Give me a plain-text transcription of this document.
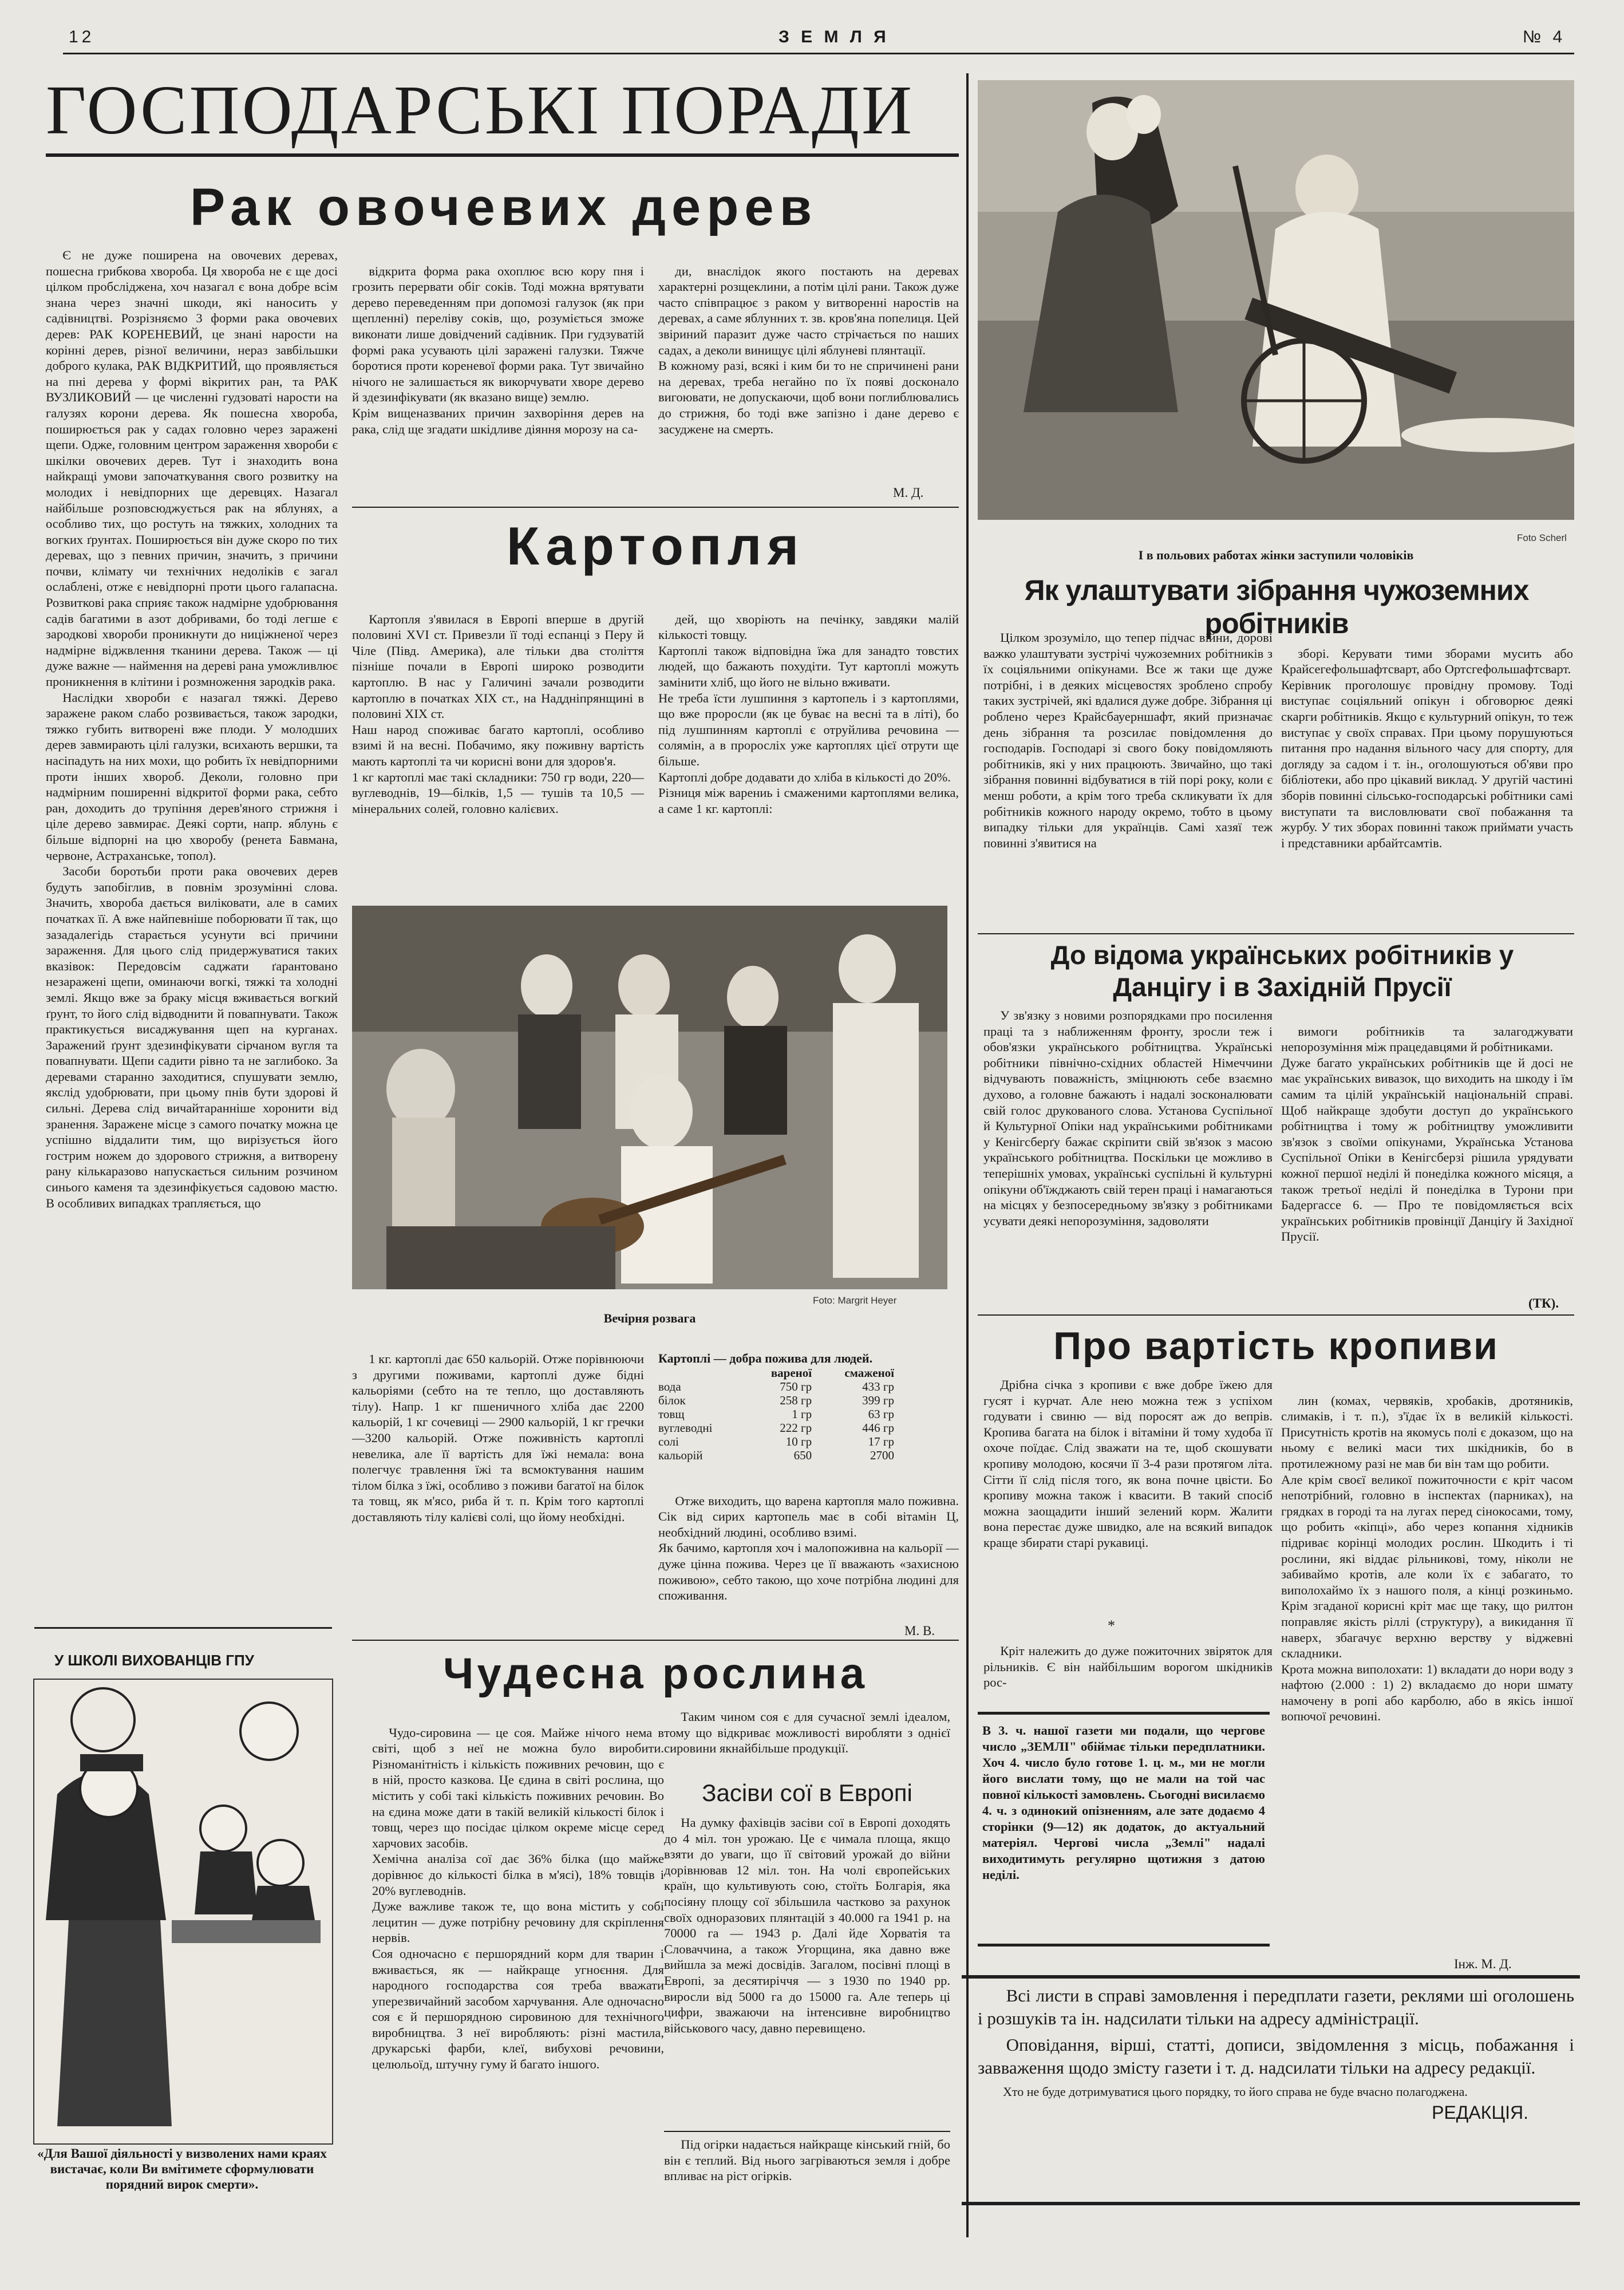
12	З Е М Л Я	№ 4
ГОСПОДАРСЬКІ ПОРАДИ
Рак овочевих дерев

Є не дуже поширена на овочевих деревах, пошесна грибкова хвороба. Ця хвороба не є ще досі цілком пробслiджена, хоч назагал є вона добре всім знана через значні шкоди, які наносить у садівництві. Розрізняємо 3 форми рака овочевих дерев: РАК КОРЕНЕВИЙ, це знані нарости на корінні дерев, різної величини, нераз завбільшки доброго кулака, РАК ВІДКРИТИЙ, що проявляється на пні дерева у формі вікритих ран, та РАК ВУЗЛИКОВИЙ — це численні гудзоваті нарости на галузях корони дерева. Як пошесна хвороба, поширюється рак у садах головно через заражені щепи. Одже, головним центром зараження хвороби є шкілки овочевих дерев. Тут і знаходить вона найкращі умови започаткування свого розвитку на молодих і невідпорних ще деревцях. Назагал найбільше розповсюджується рак на яблунях, а особливо тих, що ростуть на тяжких, холодних та вогких ґрунтах. Поширюється він дуже скоро по тих деревах, що з певних причин, значить, з причини почви, клімату чи технічних недоліків є загал ослаблені, отже є невідпорні проти цього галапасна. Розвиткові рака сприяє також надмірне удобрювання садів багатими в азот добривами, бо тоді легше є зародкові хвороби проникнути до ниціжненої через надмірне віджвлення тканини дерева. Також — ці дуже важне — наймення на дереві рана уможливлює проникнення в клітини і розмноження зародків рака.

Наслідки хвороби є назагал тяжкі. Дерево заражене раком слабо розвивається, також зародки, тяжко губить витворені вже плоди. У молодших дерев завмирають цілі галузки, всихають вершки, та насіпадуть на них мохи, що робить їх невідпорними проти інших хвороб. Деколи, головно при надмірним поширенні відкритої форми рака, себто ран, доходить до трупіння дерев'яного стрижня і ціле дерево завмирає. Деякі сорти, напр. яблунь є більше відпорні на цю хворобу (ренета Бавмана, червоне, Астраханське, топол).

Засоби боротьби проти рака овочевих дерев будуть запобіглив, в повнім зрозумінні слова. Значить, хвороба дається виліковати, але в самих початках її. А вже найпевніше поборювати її так, що зазадалегідь старається усунути всі причини зараження. Для цього слід придержуватися таких вказівок: Передовсім саджати ґарантовано незаражені щепи, оминаючи вогкі, тяжкі та холодні землі. Якщо вже за браку місця вживається вогкий ґрунт, то його слід відводнити й повапнувати. Також практикується висаджування щеп на курганах. Заражений ґрунт здезинфікувати сірчаном вугля та повапнувати. Щепи садити рівно та не заглибоко. За деревами старанно заходитися, спушувати землю, якслід удобрювати, при цьому пнів бути здорові й сильні. Дерева слід вичайтаранніше хоронити від зранення. Заражене місце з самого початку можна це успішно віддалити тим, що вирізується його гострим ножем до здорового стрижня, а витворену рану кількаразово напускається сильним розчином синього каменя та здезинфікується садовою мастю. В особливих випадках трапляється, що

відкрита форма рака охоплює всю кору пня і грозить перервати обіг соків. Тоді можна врятувати дерево переведенням при допомозі галузок (як при щепленні) переліву соків, що, розуміється зможе виконати лише довідчений садівник. При гудзуватій формі рака усувають цілі заражені галузки. Тяжче боротися проти кореневої форми рака. Тут звичайно нічого не залишається як викорчувати хворе дерево й здезинфікувати (як вказано вище) землю.
Крім вищеназваних причин захворіння дерев на рака, слід ще згадати шкідливе діяння морозу на са-

ди, внаслідок якого постають на деревах характерні розщеклини, а потім цілі рани. Також дуже часто співпрацює з раком у витворенні наростів на деревах, а саме яблунних т. зв. кров'яна попелиця. Цей звіриний паразит дуже часто стрічається по наших садах, а деколи винищує цілі яблуневі плянтації.
В кожному разі, всякі і ким би то не спричинені рани на деревах, треба негайно по їх появі досконало вигоювати, не допускаючи, щоб вони поглиблювались до стрижня, бо тоді вже запізно і дане дерево є засуджене на смерть.

М. Д.
Картопля

Картопля з'явилася в Европі вперше в другій половині XVI ст. Привезли її тоді еспанці з Перу й Чіле (Півд. Америка), але тільки два століття пізніше почали в Европі широко розводити картоплю. В нас у Галичині зачали розводити картоплю в початках XIX ст., на Наддніпрянщині в половині XIX ст.
Наш народ споживає багато картоплі, особливо взимі й на весні. Побачимо, яку поживну вартість мають картоплі та чи корисні вони для здоров'я.
1 кг картоплі має такі складники: 750 гр води, 220—вуглеводнів, 19—білків, 1,5 — тушів та 10,5 — мінеральних солей, головно калієвих.

дей, що хворіють на печінку, завдяки малій кількості товщу.
Картоплі також відповідна їжа для занадто товстих людей, що бажають похудіти. Тут картоплі можуть замінити хліб, що його не вільно вживати.
Не треба їсти лушпиння з картопель і з картоплями, що вже проросли (як це буває на весні та в літі), бо під лушпинням картоплі є отруйлива речовина — солямін, а в проросліх уже картоплях цієї отрути ще більше.
Картоплі добре додавати до хліба в кількості до 20%.
Різниця між варениь і смаженими картоплями велика, а саме 1 кг. картоплі:

Foto: Margrit Heyer
Вечірня розвага

1 кг. картоплі дає 650 кальорій. Отже порівнюючи з другими поживами, картоплі дуже бідні кальоріями (себто на те тепло, що доставляють тілу). Напр. 1 кг пшеничного хліба дає 2200 кальорій, 1 кг сочевиці — 2900 кальорій, 1 кг гречки—3200 кальорій. Отже поживність картоплі невелика, але її вартість для їжі немала: вона полегчує травлення їжі та всмоктування нашим тілом білка з їжі, особливо з поживи багатої на білок та товщ, як м'ясо, риба й т. п. Крім того картоплі доставляють тілу калієві солі, що йому необхідні.

Картоплі — добра пожива для людей.
	вареної	смаженої
вода	750 гр	433 гр
білок	258 гр	399 гр
товщ	1 гр	63 гр
вуглеводні	222 гр	446 гр
солі	10 гр	17 гр
кальорій	650	2700

Отже виходить, що варена картопля мало поживна. Сік від сирих картопель має в собі вітамін Ц, необхідний людині, особливо взимі.
Як бачимо, картопля хоч і малопоживна на кальорії — дуже цінна пожива. Через це її вважають «захисною поживою», себто такою, що хоче потрібна людині для споживання.

М. В.
У ШКОЛІ ВИХОВАНЦІВ ГПУ
«Для Вашої діяльності у визволених нами краях вистачає, коли Ви вмітимете сформулювати порядний вирок смерти».
Чудесна рослина

Чудо-сировина — це соя. Майже нічого нема в світі, щоб з неї не можна було виробити. Різноманітність і кількість поживних речовин, що є в ній, просто казкова. Це єдина в світі рослина, що містить у собі такі кількість поживних речовин. Во на єдина може дати в такій великій кількості білок і товщ, через що посідає цілком окреме місце серед харчових засобів.
Хемічна аналіза сої дає 36% білка (що майже дорівнює до кількості білка в м'ясі), 18% товщів і 20% вуглеводнів.
Дуже важливе також те, що вона містить у собі лецитин — дуже потрібну речовину для скріплення нервів.
Соя одночасно є першорядний корм для тварин і вживається, як — найкраще угноєння. Для народного господарства соя треба вважати уперезвичайний засобом харчування. Але одночасно соя є й першорядною сировиною для технічного виробництва. З неї виробляють: різні мастила, друкарські фарби, клеї, вибухові речовини, целюльоїд, штучну гуму й багато іншого.

Таким чином соя є для сучасної землі ідеалом, тому що відкриває можливості виробляти з однієї сировини якнайбільше продукції.

Засіви сої в Европі

На думку фахівців засіви сої в Европі доходять до 4 міл. тон урожаю. Це є чимала площа, якщо взяти до уваги, що її світовий урожай до війни дорівнював 12 міл. тон. На чолі європейських країн, що культивують сою, стоїть Болгарія, яка посіяну площу сої збільшила частково за рахунок своїх одноразових плянтацій з 40.000 га 1941 р. на 70000 га — 1943 р. Далі йде Хорватія та Словаччина, а також Угорщина, яка давно вже вийшла за межі досвідів. Загалом, посівні площі в Европі, за десятиріччя — з 1930 по 1940 рр. виросли від 5000 га до 15000 га. Але теперь ці цифри, зважаючи на інтенсивне виробництво військового часу, давно перевищено.

Під огірки надається найкраще кінський гній, бо він є теплий. Від нього загріваються земля і добре впливає на ріст огірків.

Foto Scherl
І в польових работах жінки заступили чоловіків
Як улаштувати зібрання чужоземних робітників

Цілком зрозуміло, що тепер підчас війни, дорові важко улаштувати зустрічі чужоземних робітників з їх соціяльними опікунами. Все ж таки ще дуже потрібні, і в деяких місцевостях зроблено спробу таких зустрічей, які вдалися дуже добре. Зібрання ці роблено через Крайсбауерншафт, який призначає день зібрання та розсилає повідомлення до господарів. Господарі зі свого боку повідомляють робітників, які у них працюють. Звичайно, що такі зібрання повинні відбуватися в тій порі року, коли є менш роботи, а крім того треба скликувати їх для робітників кожного народу окремо, тобто в цьому випадку тільки для українців. Самі хазяї теж повинні з'явитися на

зборі. Керувати тими зборами мусить або Крайсегефольшафтсварт, або Ортсгефольшафтсварт.
Керівник проголошує провідну промову. Тоді виступає соціяльний опікун і обговорює деякі скарги робітників. Якщо є культурний опікун, то теж виступає у своїх справах. При цьому порушуються питання про надання вільного часу для спорту, для догляду за садом і т. ін., оголошуються об'яви про бібліотеки, або про цікавий виклад. У другій частині зборів повинні сільсько-господарські робітники самі виступати та висловлювати свої побажання та журбу. У тих зборах повинні також приймати участь і представники арбайтсамтів.

До відома українських робітників у Данцігу і в Західній Прусії

У зв'язку з новими розпорядками про посилення праці та з наближенням фронту, зросли теж і обов'язки українського робітництва. Українські робітники північно-східних областей Німеччини відчувають поважність, зміцнюють себе взаємно духово, а головне бажають і надалі зосконалювати свій голос друкованого слова. Установа Суспільної й Культурної Опіки над українськими робітниками у Кенігсберґу бажає скріпити свій зв'язок з масою українського робітництва. Поскільки це можливо в теперішніх умовах, українські суспільні й культурні опікуни об'їжджають свій терен праці і намагаються на місцях у безпосередньому зв'язку з робітниками усувати деякі непорозуміння, задоволяти

вимоги робітників та залагоджувати непорозуміння між працедавцями й робітниками.
Дуже багато українських робітників ще й досі не має українських вивазок, що виходить на шкоду і їм самим та цілій українській національній справі. Щоб найкраще здобути доступ до українського робітництва і тому ж робітництву уможливити зв'язок з своїми опікунами, Українська Установа Суспільної Опіки в Кенігсберзі рішила урядувати кожної першої неділі й понеділка кожного місяця, а також третьої неділі й понеділка в Турони при Бадергассе 6. — Про те повідомляється всіх українських робітників провінції Данціґу й Західної Прусії.

(ТК).
Про вартість кропиви

Дрібна січка з кропиви є вже добрe їжею для гусят і курчат. Але нею можна теж з успіхом годувати і свиню — від поросят аж до вепрів. Кропива багата на білок і вітаміни й тому худоба її охоче поїдає. Слід зважати на те, щоб скошувати кропиву молодою, косячи її 3-4 рази протягом літа. Сітти її слід після того, як вона почне цвісти. Бо кропиву можна також і квасити. В такий спосіб можна заощадити інший зелений корм. Жалити вона перестає дуже швидко, але на всякий випадок краще збирати старі рукавиці.

*

Кріт належить до дуже пожиточних звіряток для рільників. Є він найбільшим ворогом шкідників рос-

лин (комах, червяків, хробаків, дротяників, слимаків, і т. п.), з'їдає їх в великій кількості. Присутність кротів на якомусь полі є доказом, що на ньому є великі маси тих шкідників, бо в протилежному разі не мав би він там що робити.
Але крім своєї великої пожиточности є кріт часом непотрібний, головно в інспектах (парниках), на грядках в городі та на лугах перед сінокосами, тому, що робить «кіпці», або через копання хідників підриває корінці молодих рослин. Шкодить і ті рослини, які віддає рільникові, тому, ніколи не забиваймо кротів, але коли їх є забагато, то виполохаймо їх з нашого поля, а кінці розкиньмо. Крім згаданої корисні кріт має ще таку, що рилтон поправляє якість ріллі (структуру), а викидання її наверх, збагачує верхню верству у віджевні складники.
Крота можна виполохати: 1) вкладати до нори воду з нафтою (2.000 : 1) 2) вкладаємо до нори шмату намочену в ропі або карболю, або в якісь іншої вопючої речовині.

Інж. М. Д.
В 3. ч. нашої газети ми подали, що чергове число „ЗЕМЛІ" обіймає тільки передплатники. Хоч 4. число було готове 1. ц. м., ми не могли його вислати тому, що не мали на той час повної кількості замовлень. Сьогодні висилаємо 4. ч. з одинокий опізненням, але зате додаємо 4 сторінки (9—12) як додаток, до актуальний матеріял. Чергові числа „Землі" надалі виходитимуть регулярно щотижня з датою неділі.
Всі листи в справі замовлення і передплати газети, реклями ші оголошень і розшуків та ін. надсилати тільки на адресу адміністрації.
Оповідання, вірші, статті, дописи, звідомлення з місць, побажання і завваження щодо змісту газети і т. д. надсилати тільки на адресу редакції.
Хто не буде дотримуватися цього порядку, то його справа не буде вчасно полагоджена.
РЕДАКЦІЯ.
